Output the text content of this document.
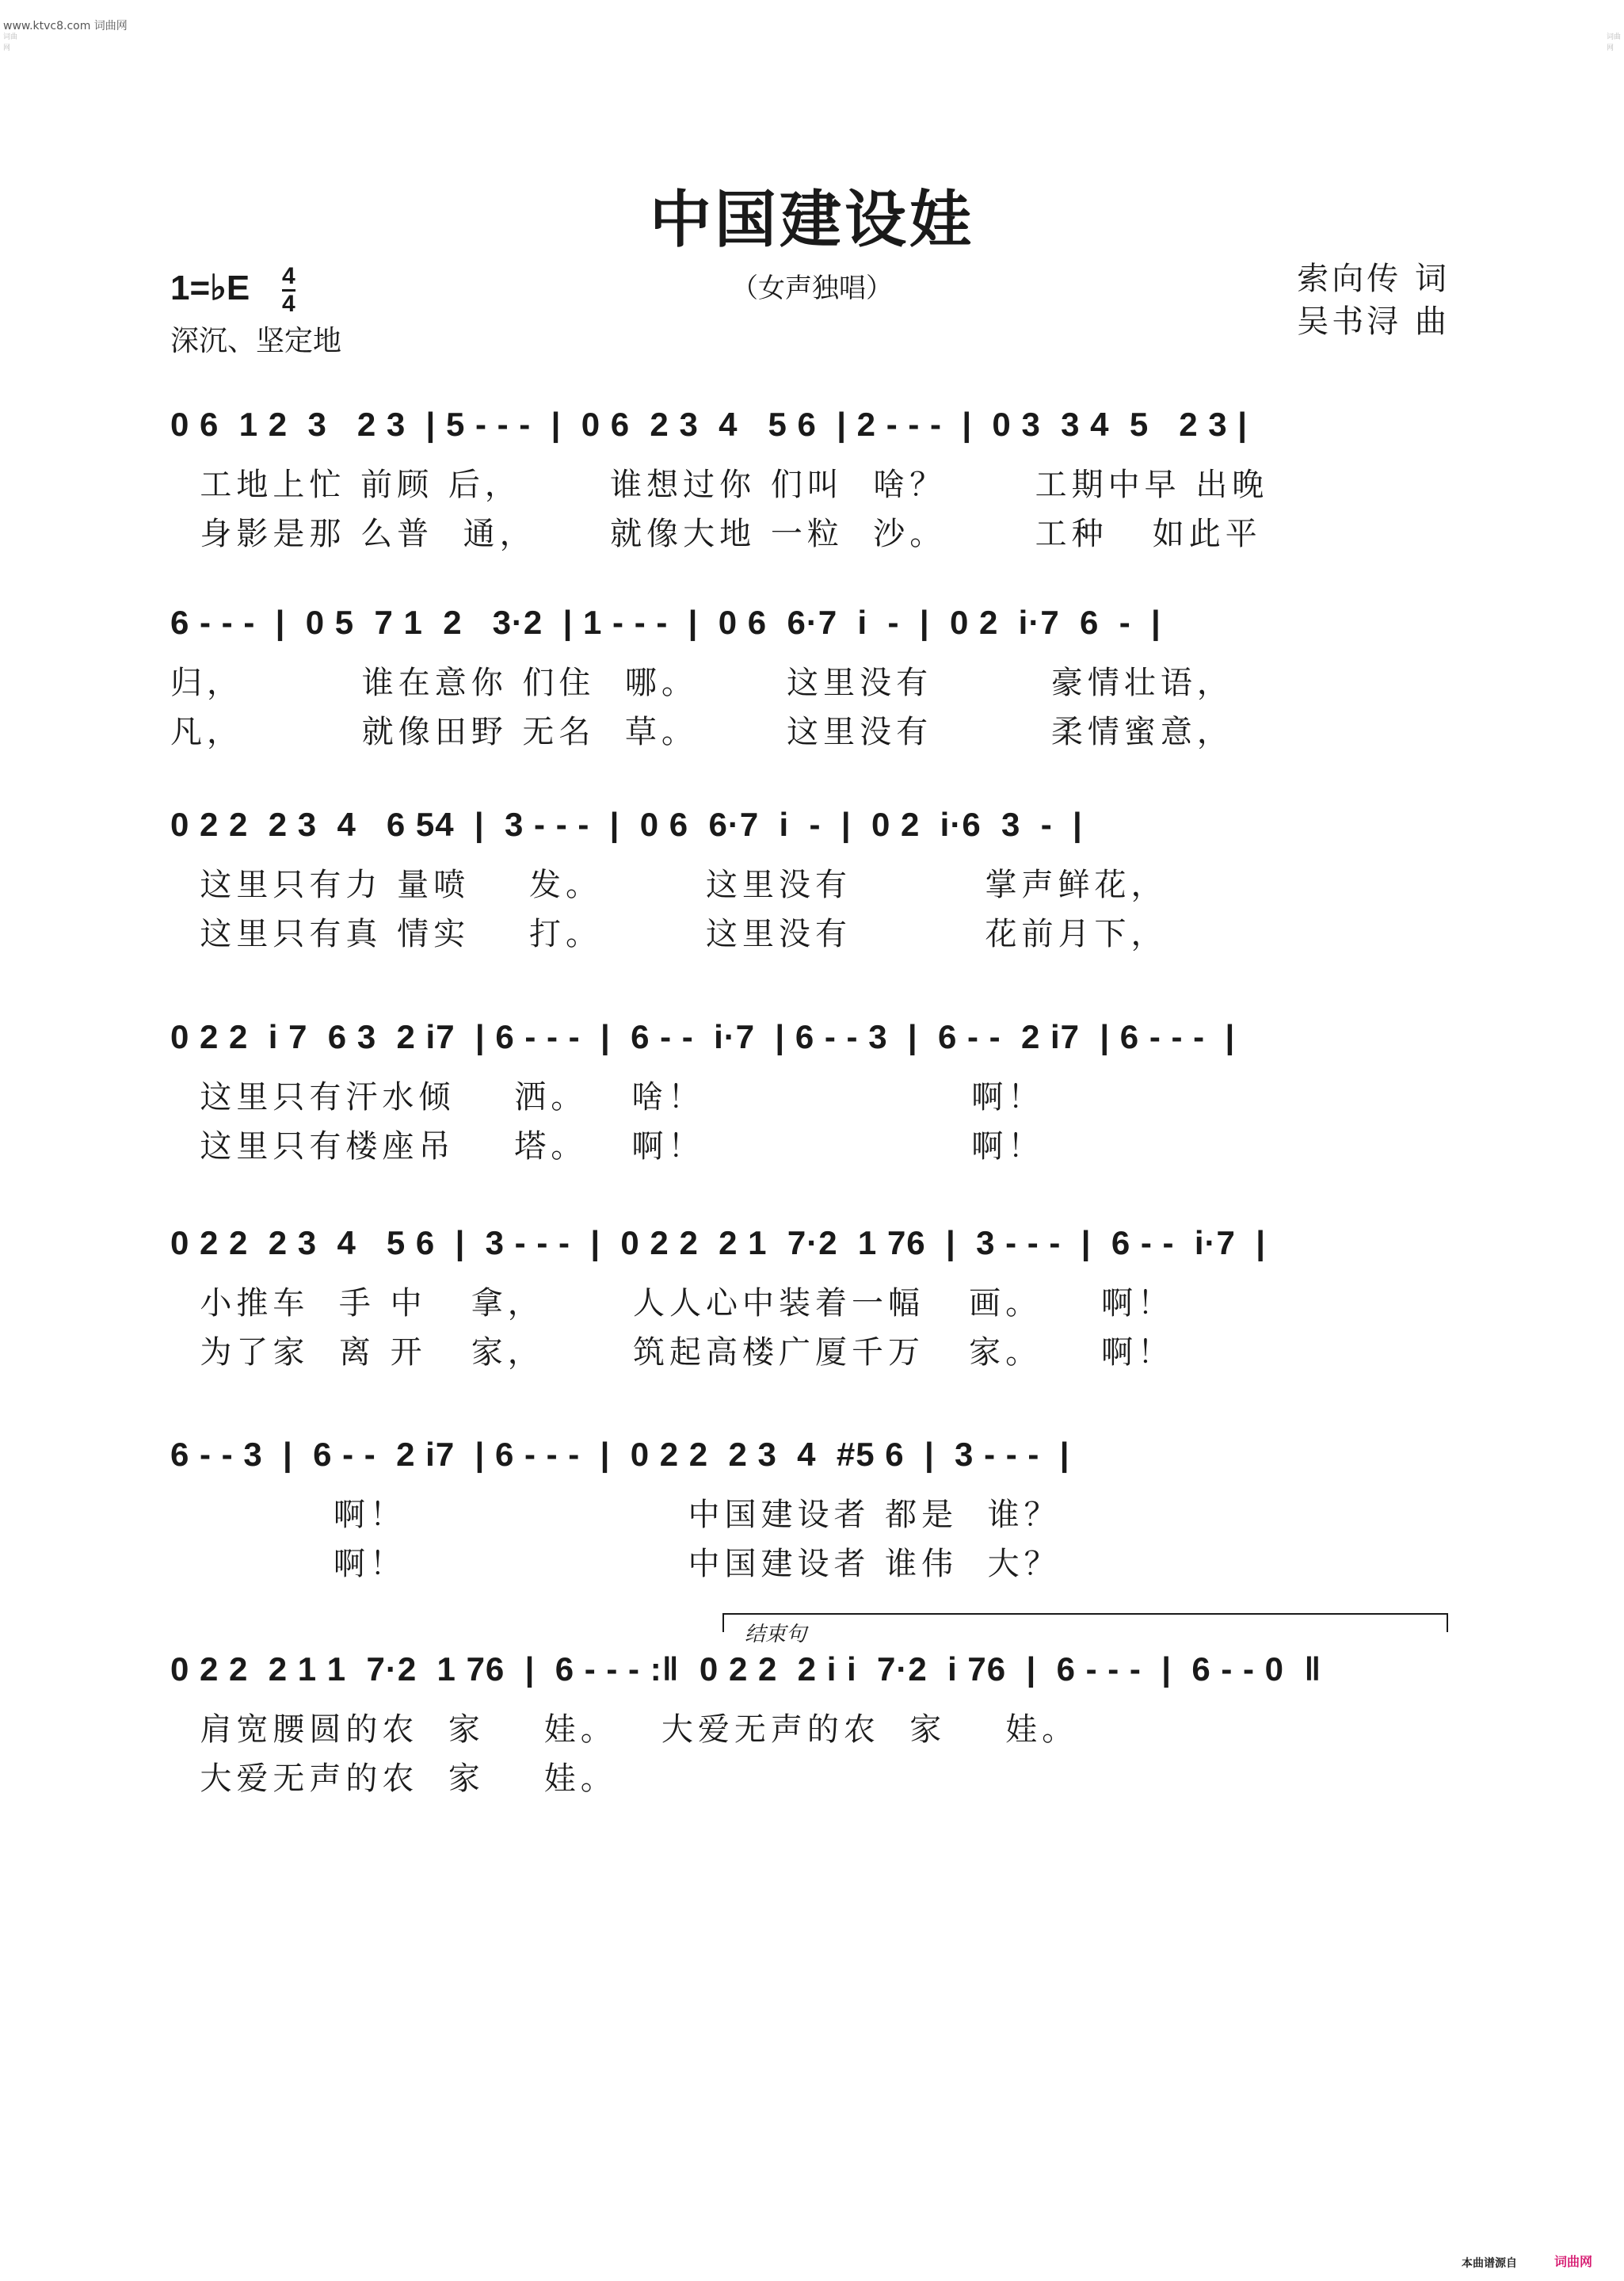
www.ktvc8.com 词曲网
词曲网
词曲网
中国建设娃
（女声独唱）
1=♭E 4
4
深沉、坚定地
索向传 词
吴书浔 曲
0 6  1 2  3   2 3  | 5 - - -  |  0 6  2 3  4   5 6  | 2 - - -  |  0 3  3 4  5   2 3 |
工地上忙 前顾 后，      谁想过你 们叫  啥？      工期中早 出晚
身影是那 么普  通，     就像大地 一粒  沙。      工种   如此平
6 - - -  |  0 5  7 1  2   3·2  | 1 - - -  |  0 6  6·7  i  -  |  0 2  i·7  6  -  |
归，        谁在意你 们住  哪。      这里没有        豪情壮语，
凡，        就像田野 无名  草。      这里没有        柔情蜜意，
0 2 2  2 3  4   6 54  |  3 - - -  |  0 6  6·7  i  -  |  0 2  i·6  3  -  |
这里只有力 量喷    发。       这里没有         掌声鲜花，
这里只有真 情实    打。       这里没有         花前月下，
0 2 2  i 7  6 3  2 i7  | 6 - - -  |  6 - -  i·7  | 6 - - 3  |  6 - -  2 i7  | 6 - - -  |
这里只有汗水倾    洒。   啥！                  啊！
这里只有楼座吊    塔。   啊！                  啊！
0 2 2  2 3  4   5 6  |  3 - - -  |  0 2 2  2 1  7·2  1 76  |  3 - - -  |  6 - -  i·7  |
小推车  手 中   拿，      人人心中装着一幅   画。    啊！
为了家  离 开   家，      筑起高楼广厦千万   家。    啊！
6 - - 3  |  6 - -  2 i7  | 6 - - -  |  0 2 2  2 3  4  #5 6  |  3 - - -  |
啊！                   中国建设者 都是  谁？
啊！                   中国建设者 谁伟  大？
结束句
0 2 2  2 1 1  7·2  1 76  |  6 - - - :‖  0 2 2  2 i i  7·2  i 76  |  6 - - -  |  6 - - 0  ‖
肩宽腰圆的农  家    娃。   大爱无声的农  家    娃。
大爱无声的农  家    娃。
本曲谱源自	词曲网
